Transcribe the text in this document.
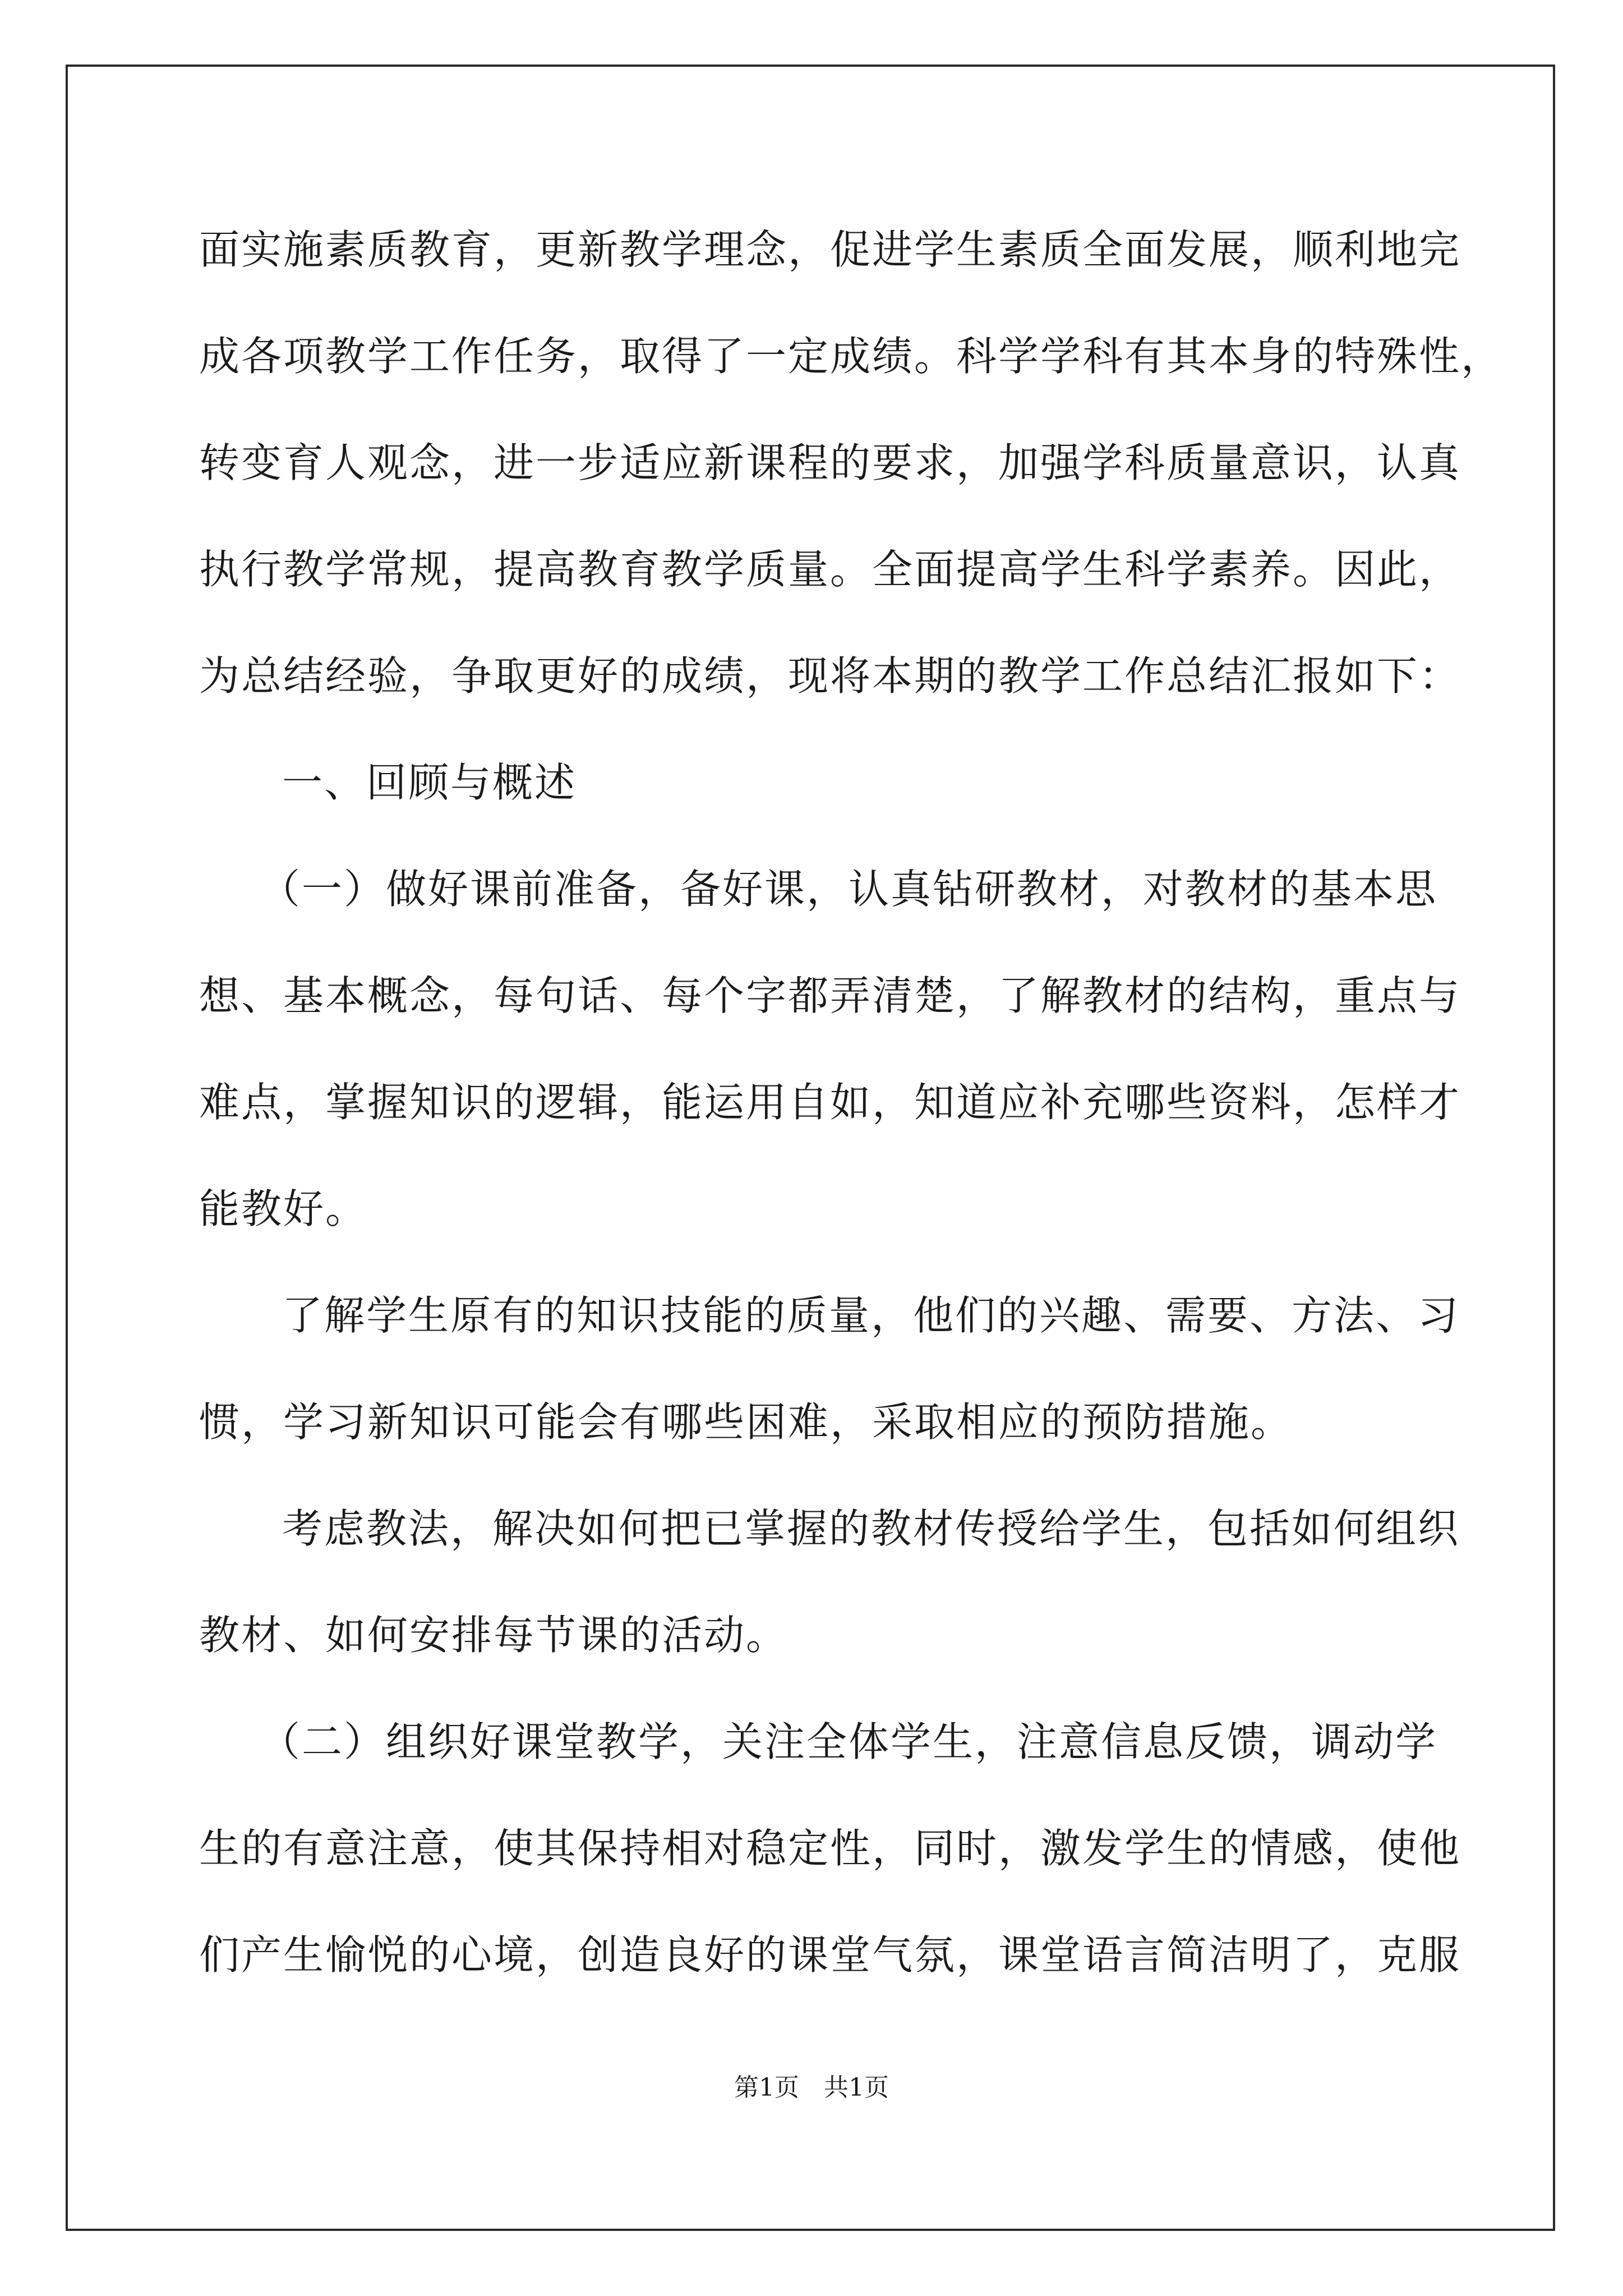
面实施素质教育，更新教学理念，促进学生素质全面发展，顺利地完
成各项教学工作任务，取得了一定成绩。科学学科有其本身的特殊性，
转变育人观念，进一步适应新课程的要求，加强学科质量意识，认真
执行教学常规，提高教育教学质量。全面提高学生科学素养。因此，
为总结经验，争取更好的成绩，现将本期的教学工作总结汇报如下：
一、回顾与概述
（一）做好课前准备，备好课，认真钻研教材，对教材的基本思
想、基本概念，每句话、每个字都弄清楚，了解教材的结构，重点与
难点，掌握知识的逻辑，能运用自如，知道应补充哪些资料，怎样才
能教好。
了解学生原有的知识技能的质量，他们的兴趣、需要、方法、习
惯，学习新知识可能会有哪些困难，采取相应的预防措施。
考虑教法，解决如何把已掌握的教材传授给学生，包括如何组织
教材、如何安排每节课的活动。
（二）组织好课堂教学，关注全体学生，注意信息反馈，调动学
生的有意注意，使其保持相对稳定性，同时，激发学生的情感，使他
们产生愉悦的心境，创造良好的课堂气氛，课堂语言简洁明了，克服
第1页　共1页
